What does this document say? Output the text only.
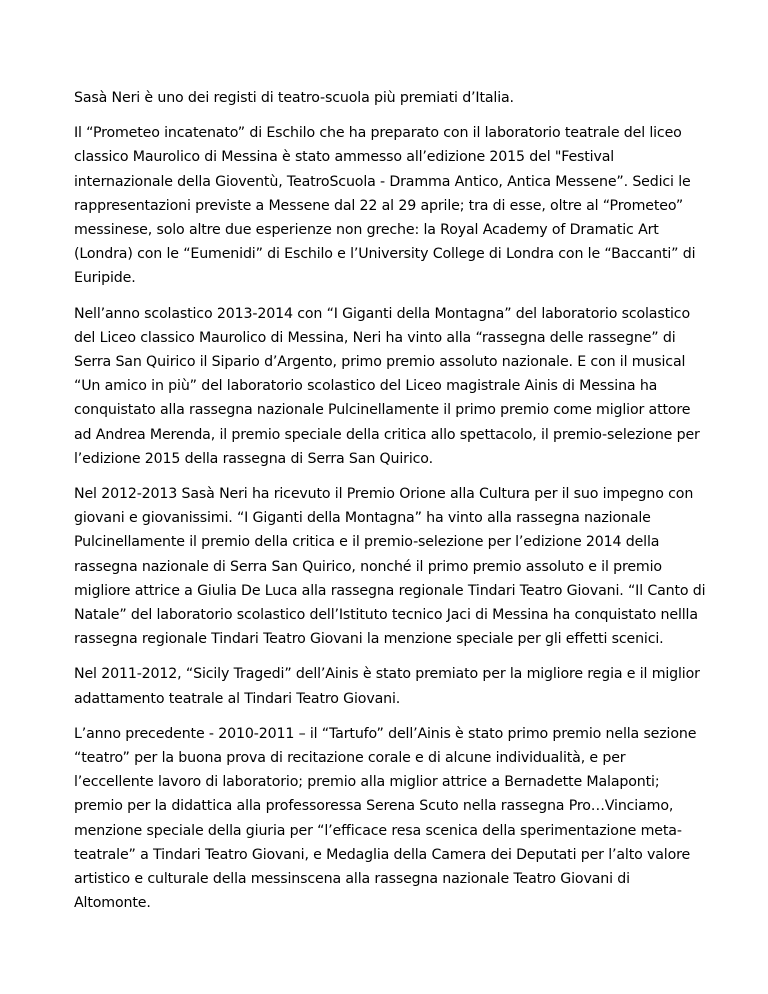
Sasà Neri è uno dei registi di teatro-scuola più premiati d’Italia.

Il “Prometeo incatenato” di Eschilo che ha preparato con il laboratorio teatrale del liceo classico Maurolico di Messina è stato ammesso all’edizione 2015 del "Festival internazionale della Gioventù, TeatroScuola - Dramma Antico, Antica Messene”. Sedici le rappresentazioni previste a Messene dal 22 al 29 aprile; tra di esse, oltre al “Prometeo” messinese, solo altre due esperienze non greche: la Royal Academy of Dramatic Art (Londra) con le “Eumenidi” di Eschilo e l’University College di Londra con le “Baccanti” di Euripide.

Nell’anno scolastico 2013-2014 con “I Giganti della Montagna” del laboratorio scolastico del Liceo classico Maurolico di Messina, Neri ha vinto alla “rassegna delle rassegne” di Serra San Quirico il Sipario d’Argento, primo premio assoluto nazionale. E con il musical “Un amico in più” del laboratorio scolastico del Liceo magistrale Ainis di Messina ha conquistato alla rassegna nazionale Pulcinellamente il primo premio come miglior attore ad Andrea Merenda, il premio speciale della critica allo spettacolo, il premio-selezione per l’edizione 2015 della rassegna di Serra San Quirico.

Nel 2012-2013 Sasà Neri ha ricevuto il Premio Orione alla Cultura per il suo impegno con giovani e giovanissimi. “I Giganti della Montagna” ha vinto alla rassegna nazionale Pulcinellamente il premio della critica e il premio-selezione per l’edizione 2014 della rassegna nazionale di Serra San Quirico, nonché il primo premio assoluto e il premio migliore attrice a Giulia De Luca alla rassegna regionale Tindari Teatro Giovani. “Il Canto di Natale” del laboratorio scolastico dell’Istituto tecnico Jaci di Messina ha conquistato nellla rassegna regionale Tindari Teatro Giovani la menzione speciale per gli effetti scenici.

Nel 2011-2012, “Sicily Tragedi” dell’Ainis è stato premiato per la migliore regia e il miglior adattamento teatrale al Tindari Teatro Giovani.

L’anno precedente - 2010-2011 – il “Tartufo” dell’Ainis è stato primo premio nella sezione “teatro” per la buona prova di recitazione corale e di alcune individualità, e per l’eccellente lavoro di laboratorio; premio alla miglior attrice a Bernadette Malaponti; premio per la didattica alla professoressa Serena Scuto nella rassegna Pro…Vinciamo, menzione speciale della giuria per “l’efficace resa scenica della sperimentazione meta-teatrale” a Tindari Teatro Giovani, e Medaglia della Camera dei Deputati per l’alto valore artistico e culturale della messinscena alla rassegna nazionale Teatro Giovani di Altomonte.
